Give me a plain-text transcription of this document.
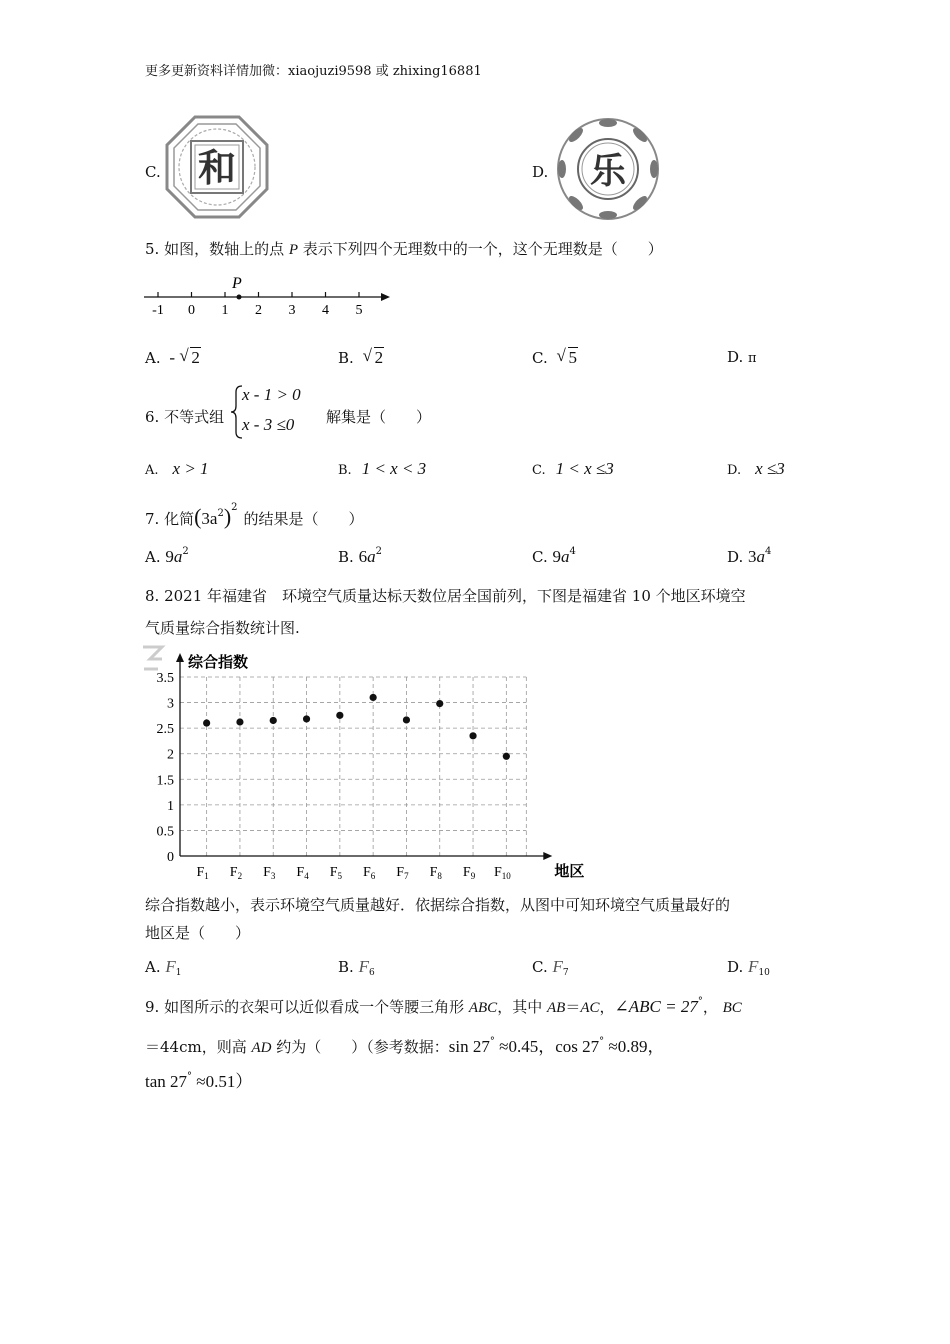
更多更新资料详情加微：xiaojuzi9598 或 zhixing16881
C. 和	D. 乐
5. 如图，数轴上的点 P 表示下列四个无理数中的一个，这个无理数是（　　）
-1 0 1 2 3 4 5
P
A. - √ 2	B. √ 2	C. √ 5	D. π
6. 不等式组
x - 1 > 0
x - 3 ≤0 解集是（　　）
A. x > 1	B. 1 < x < 3	C. 1 < x ≤3	D. x ≤3
7. 化简$(3a^2)^2$的结果是（　　）
A. $9a^2$	B. $6a^2$	C. $9a^4$	D. $3a^4$
8. 2021 年福建省　环境空气质量达标天数位居全国前列，下图是福建省 10 个地区环境空
气质量综合指数统计图.
0
0.5
1
1.5
2
2.5
3
3.5
综合指数
地区
$F_1$ $F_2$ $F_3$ $F_4$ $F_5$ $F_6$ $F_7$ $F_8$ $F_9$ $F_{10}$
综合指数越小，表示环境空气质量越好．依据综合指数，从图中可知环境空气质量最好的
地区是（　　）
A. $F_1$	B. $F_6$	C. $F_7$	D. $F_{10}$
9. 如图所示的衣架可以近似看成一个等腰三角形 ABC，其中 AB＝AC，∠ABC = 27°， BC
＝44cm，则高 AD 约为（　　）（参考数据：sin 27° ≈0.45，cos 27° ≈0.89，
tan 27° ≈0.51）
